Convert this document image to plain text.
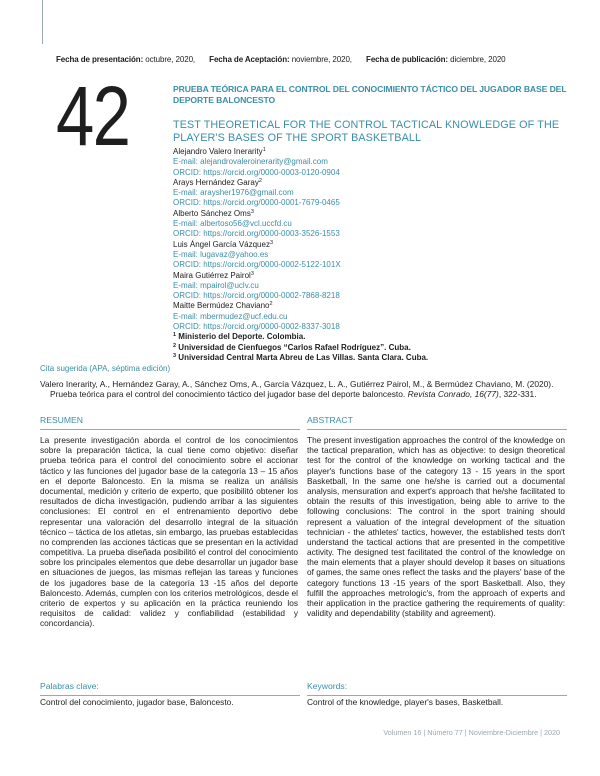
Fecha de presentación: octubre, 2020, Fecha de Aceptación: noviembre, 2020, Fecha de publicación: diciembre, 2020
42	PRUEBA TEÓRICA PARA EL CONTROL DEL CONOCIMIENTO TÁCTICO DEL JUGADOR BASE DEL DEPORTE BALONCESTO
TEST THEORETICAL FOR THE CONTROL TACTICAL KNOWLEDGE OF THE PLAYER'S BASES OF THE SPORT BASKETBALL
Alejandro Valero Inerarity$^1$
E-mail: alejandrovaleroinerarity@gmail.com
ORCID: https://orcid.org/0000-0003-0120-0904
Arays Hernández Garay$^2$
E-mail: araysher1976@gmail.com
ORCID: https://orcid.org/0000-0001-7679-0465
Alberto Sánchez Oms$^3$
E-mail: albertoso56@vcl.uccfd.cu
ORCID: https://orcid.org/0000-0003-3526-1553
Luis Ángel García Vázquez$^3$
E-mail: lugavaz@yahoo.es
ORCID: https://orcid.org/0000-0002-5122-101X
Maira Gutiérrez Pairol$^3$
E-mail: mpairol@uclv.cu
ORCID: https://orcid.org/0000-0002-7868-8218
Maitte Bermúdez Chaviano$^2$
E-mail: mbermudez@ucf.edu.cu
ORCID: https://orcid.org/0000-0002-8337-3018
$^1$ Ministerio del Deporte. Colombia.
$^2$ Universidad de Cienfuegos “Carlos Rafael Rodríguez”. Cuba.
$^3$ Universidad Central Marta Abreu de Las Villas. Santa Clara. Cuba.
Cita sugerida (APA, séptima edición)
Valero Inerarity, A., Hernández Garay, A., Sánchez Oms, A., García Vázquez, L. A., Gutiérrez Pairol, M., & Bermúdez Chaviano, M. (2020). Prueba teórica para el control del conocimiento táctico del jugador base del deporte baloncesto. Revista Conrado, 16(77), 322-331.
RESUMEN	ABSTRACT
La presente investigación aborda el control de los conocimientos sobre la preparación táctica, la cual tiene como objetivo: diseñar prueba teórica para el control del conocimiento sobre el accionar táctico y las funciones del jugador base de la categoría 13 – 15 años en el deporte Baloncesto. En la misma se realiza un análisis documental, medición y criterio de experto, que posibilitó obtener los resultados de dicha investigación, pudiendo arribar a las siguientes conclusiones: El control en el entrenamiento deportivo debe representar una valoración del desarrollo integral de la situación técnico – táctica de los atletas, sin embargo, las pruebas establecidas no comprenden las acciones tácticas que se presentan en la actividad competitiva. La prueba diseñada posibilitó el control del conocimiento sobre los principales elementos que debe desarrollar un jugador base en situaciones de juegos, las mismas reflejan las tareas y funciones de los jugadores base de la categoría 13 -15 años del deporte Baloncesto. Además, cumplen con los criterios metrológicos, desde el criterio de expertos y su aplicación en la práctica reuniendo los requisitos de calidad: validez y confiabilidad (estabilidad y concordancia).
The present investigation approaches the control of the knowledge on the tactical preparation, which has as objective: to design theoretical test for the control of the knowledge on working tactical and the player's functions base of the category 13 - 15 years in the sport Basketball, In the same one he/she is carried out a documental analysis, mensuration and expert's approach that he/she facilitated to obtain the results of this investigation, being able to arrive to the following conclusions: The control in the sport training should represent a valuation of the integral development of the situation technician - the athletes' tactics, however, the established tests don't understand the tactical actions that are presented in the competitive activity. The designed test facilitated the control of the knowledge on the main elements that a player should develop it bases on situations of games, the same ones reflect the tasks and the players' base of the category functions 13 -15 years of the sport Basketball. Also, they fulfill the approaches metrologic's, from the approach of experts and their application in the practice gathering the requirements of quality: validity and dependability (stability and agreement).
Palabras clave:	Keywords:
Control del conocimiento, jugador base, Baloncesto.	Control of the knowledge, player's bases, Basketball.
Volumen 16 | Número 77 | Noviembre-Diciembre | 2020
